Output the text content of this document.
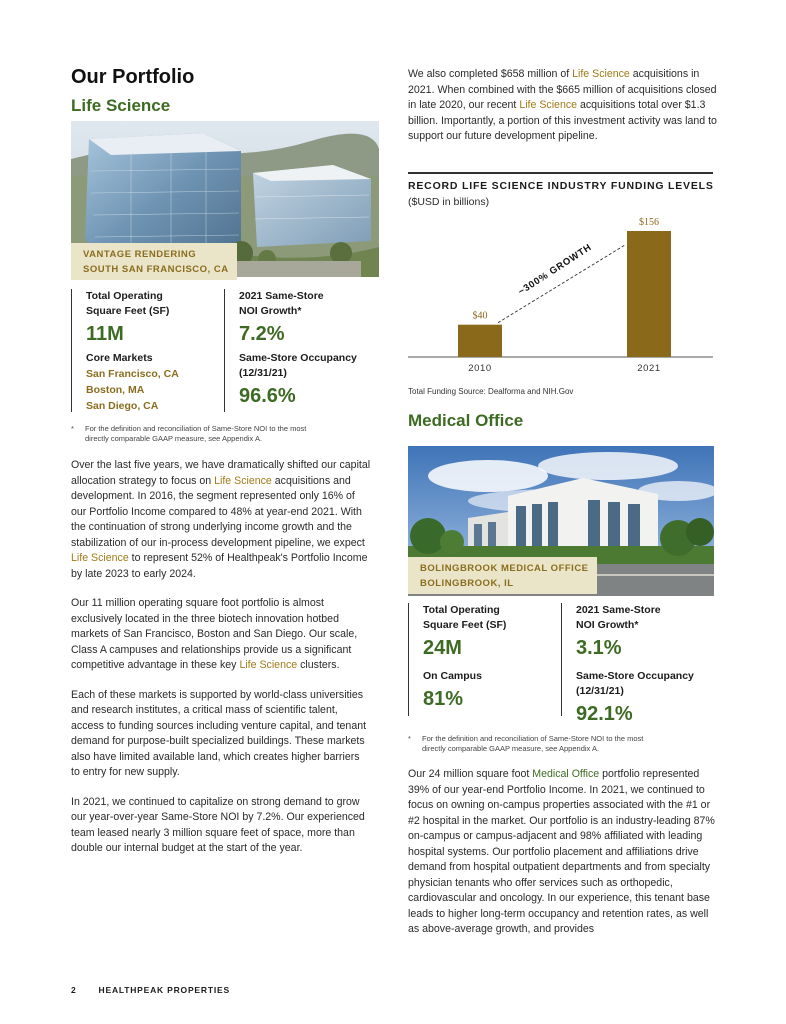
Our Portfolio
Life Science
VANTAGE RENDERING
SOUTH SAN FRANCISCO, CA
Total Operating
Square Feet (SF)
11M
Core Markets
San Francisco, CA
Boston, MA
San Diego, CA
2021 Same-Store
NOI Growth*
7.2%
Same-Store Occupancy
(12/31/21)
96.6%
*	For the definition and reconciliation of Same-Store NOI to the most
directly comparable GAAP measure, see Appendix A.

Over the last five years, we have dramatically shifted our capital allocation strategy to focus on Life Science acquisitions and development. In 2016, the segment represented only 16% of our Portfolio Income compared to 48% at year-end 2021. With the continuation of strong underlying income growth and the stabilization of our in-process development pipeline, we expect Life Science to represent 52% of Healthpeak's Portfolio Income by late 2023 to early 2024.

Our 11 million operating square foot portfolio is almost exclusively located in the three biotech innovation hotbed markets of San Francisco, Boston and San Diego. Our scale, Class A campuses and relationships provide us a significant competitive advantage in these key Life Science clusters.

Each of these markets is supported by world-class universities and research institutes, a critical mass of scientific talent, access to funding sources including venture capital, and tenant demand for purpose-built specialized buildings. These markets also have limited available land, which creates higher barriers to entry for new supply.

In 2021, we continued to capitalize on strong demand to grow our year-over-year Same-Store NOI by 7.2%. Our experienced team leased nearly 3 million square feet of space, more than double our internal budget at the start of the year.

We also completed $658 million of Life Science acquisitions in 2021. When combined with the $665 million of acquisitions closed in late 2020, our recent Life Science acquisitions total over $1.3 billion. Importantly, a portion of this investment activity was land to support our future development pipeline.

RECORD LIFE SCIENCE INDUSTRY FUNDING LEVELS
($USD in billions)
$40
2010
$156
2021
~300% GROWTH
Total Funding Source: Dealforma and NIH.Gov
Medical Office
BOLINGBROOK MEDICAL OFFICE
BOLINGBROOK, IL
Total Operating
Square Feet (SF)
24M
On Campus
81%
2021 Same-Store
NOI Growth*
3.1%
Same-Store Occupancy
(12/31/21)
92.1%
*	For the definition and reconciliation of Same-Store NOI to the most
directly comparable GAAP measure, see Appendix A.

Our 24 million square foot Medical Office portfolio represented 39% of our year-end Portfolio Income. In 2021, we continued to focus on owning on-campus properties associated with the #1 or #2 hospital in the market. Our portfolio is an industry-leading 87% on-campus or campus-adjacent and 98% affiliated with leading hospital systems. Our portfolio placement and affiliations drive demand from hospital outpatient departments and from specialty physician tenants who offer services such as orthopedic, cardiovascular and oncology. In our experience, this tenant base leads to higher long-term occupancy and retention rates, as well as above-average growth, and provides

2	HEALTHPEAK PROPERTIES
